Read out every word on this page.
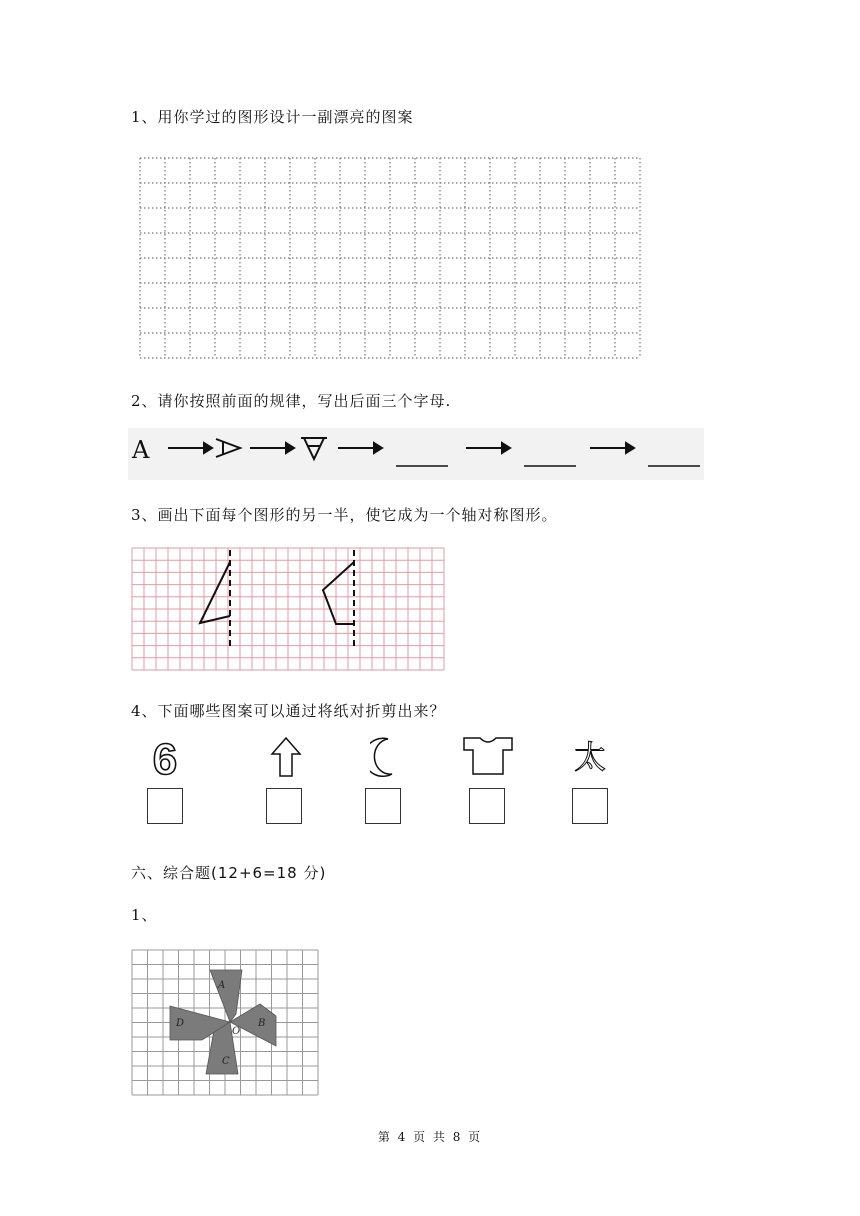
1、用你学过的图形设计一副漂亮的图案
2、请你按照前面的规律，写出后面三个字母.
A
3、画出下面每个图形的另一半，使它成为一个轴对称图形。
4、下面哪些图案可以通过将纸对折剪出来？
6	太
六、综合题(12+6=18 分)
1、
A
B
C
D
O
第 4 页 共 8 页
